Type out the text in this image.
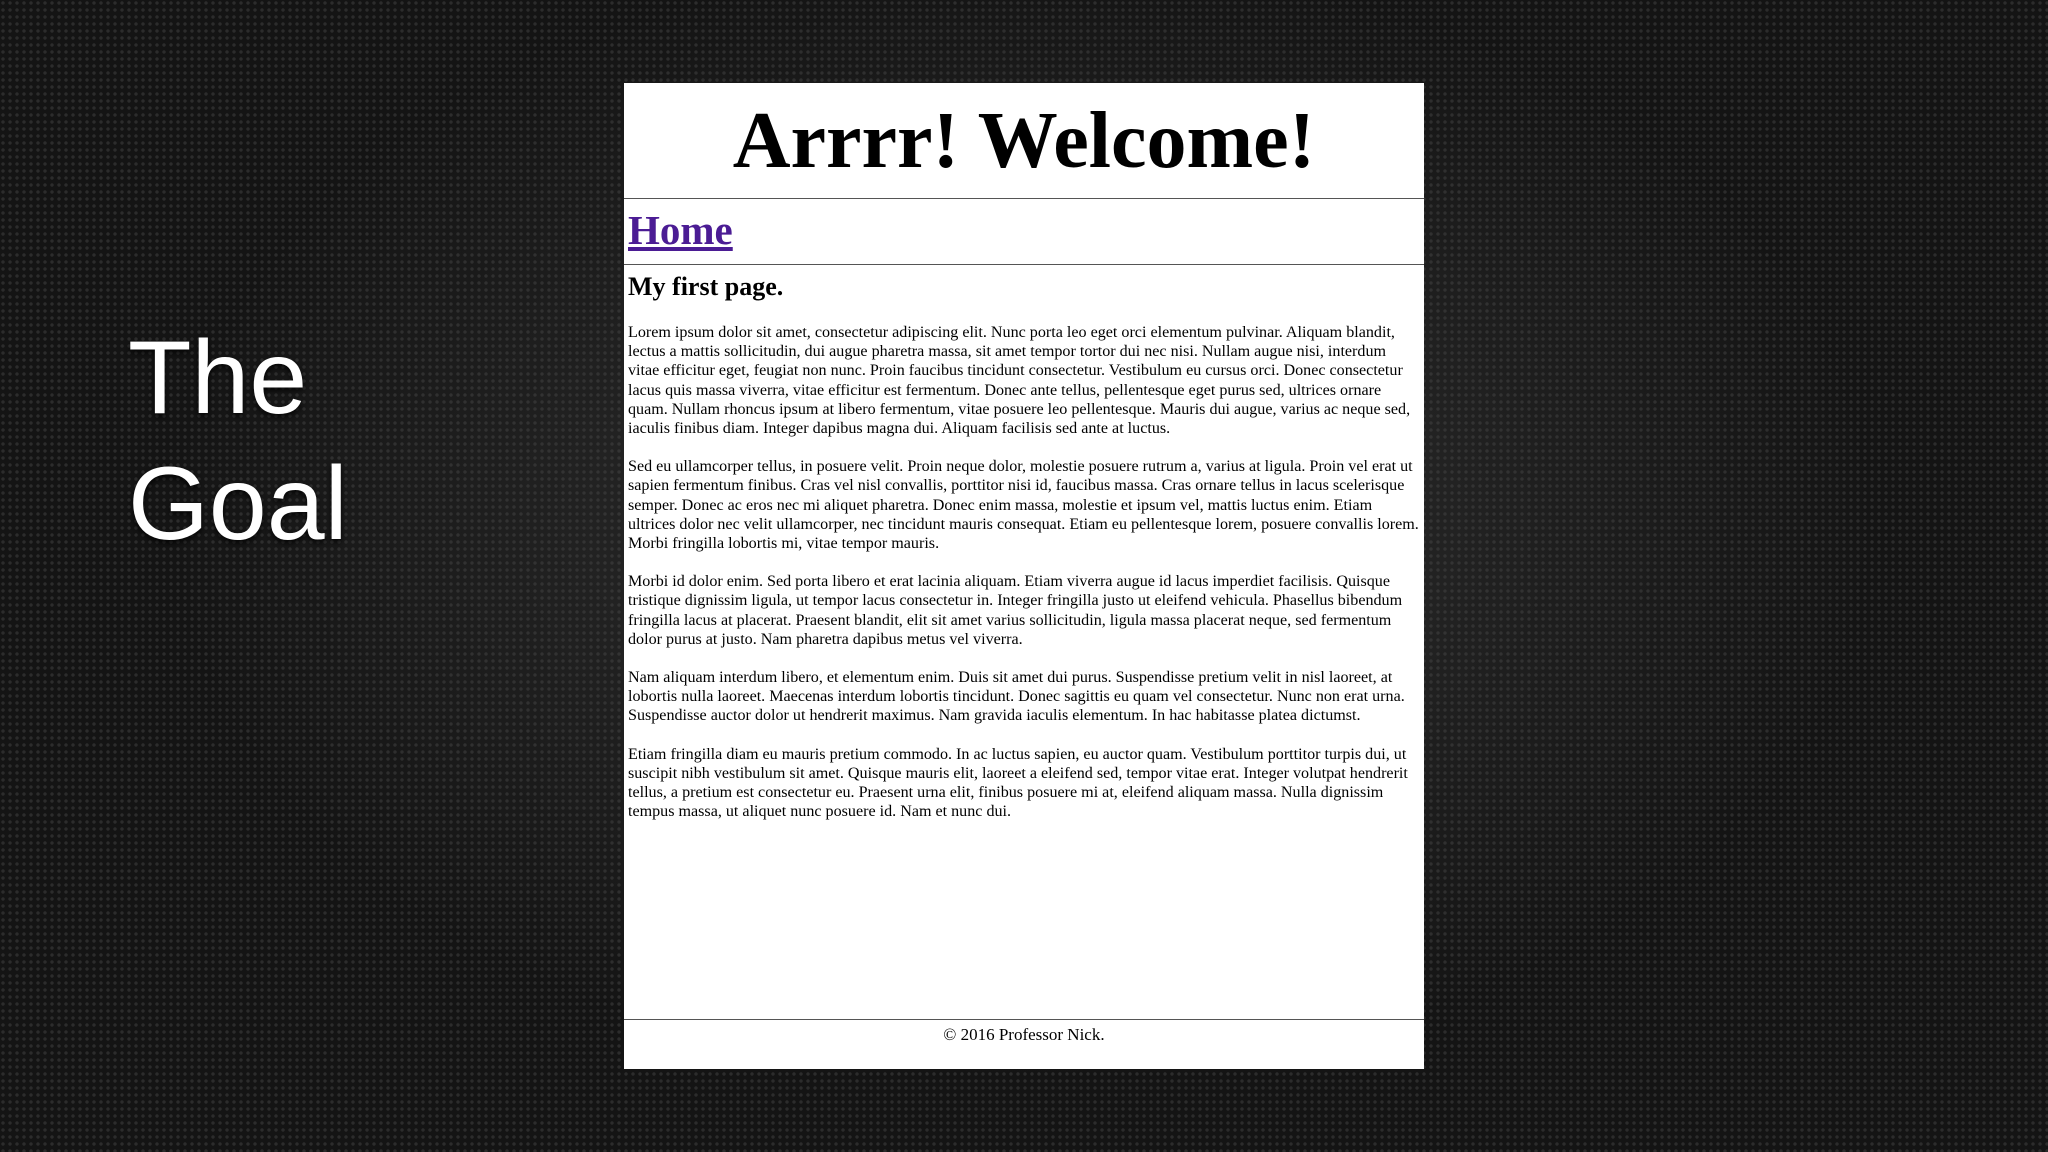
The
Goal
Arrrr! Welcome!
Home
My first page.

Lorem ipsum dolor sit amet, consectetur adipiscing elit. Nunc porta leo eget orci elementum pulvinar. Aliquam blandit, lectus a mattis sollicitudin, dui augue pharetra massa, sit amet tempor tortor dui nec nisi. Nullam augue nisi, interdum vitae efficitur eget, feugiat non nunc. Proin faucibus tincidunt consectetur. Vestibulum eu cursus orci. Donec consectetur lacus quis massa viverra, vitae efficitur est fermentum. Donec ante tellus, pellentesque eget purus sed, ultrices ornare quam. Nullam rhoncus ipsum at libero fermentum, vitae posuere leo pellentesque. Mauris dui augue, varius ac neque sed, iaculis finibus diam. Integer dapibus magna dui. Aliquam facilisis sed ante at luctus.

Sed eu ullamcorper tellus, in posuere velit. Proin neque dolor, molestie posuere rutrum a, varius at ligula. Proin vel erat ut sapien fermentum finibus. Cras vel nisl convallis, porttitor nisi id, faucibus massa. Cras ornare tellus in lacus scelerisque semper. Donec ac eros nec mi aliquet pharetra. Donec enim massa, molestie et ipsum vel, mattis luctus enim. Etiam ultrices dolor nec velit ullamcorper, nec tincidunt mauris consequat. Etiam eu pellentesque lorem, posuere convallis lorem. Morbi fringilla lobortis mi, vitae tempor mauris.

Morbi id dolor enim. Sed porta libero et erat lacinia aliquam. Etiam viverra augue id lacus imperdiet facilisis. Quisque tristique dignissim ligula, ut tempor lacus consectetur in. Integer fringilla justo ut eleifend vehicula. Phasellus bibendum fringilla lacus at placerat. Praesent blandit, elit sit amet varius sollicitudin, ligula massa placerat neque, sed fermentum dolor purus at justo. Nam pharetra dapibus metus vel viverra.

Nam aliquam interdum libero, et elementum enim. Duis sit amet dui purus. Suspendisse pretium velit in nisl laoreet, at lobortis nulla laoreet. Maecenas interdum lobortis tincidunt. Donec sagittis eu quam vel consectetur. Nunc non erat urna. Suspendisse auctor dolor ut hendrerit maximus. Nam gravida iaculis elementum. In hac habitasse platea dictumst.

Etiam fringilla diam eu mauris pretium commodo. In ac luctus sapien, eu auctor quam. Vestibulum porttitor turpis dui, ut suscipit nibh vestibulum sit amet. Quisque mauris elit, laoreet a eleifend sed, tempor vitae erat. Integer volutpat hendrerit tellus, a pretium est consectetur eu. Praesent urna elit, finibus posuere mi at, eleifend aliquam massa. Nulla dignissim tempus massa, ut aliquet nunc posuere id. Nam et nunc dui.

© 2016 Professor Nick.
